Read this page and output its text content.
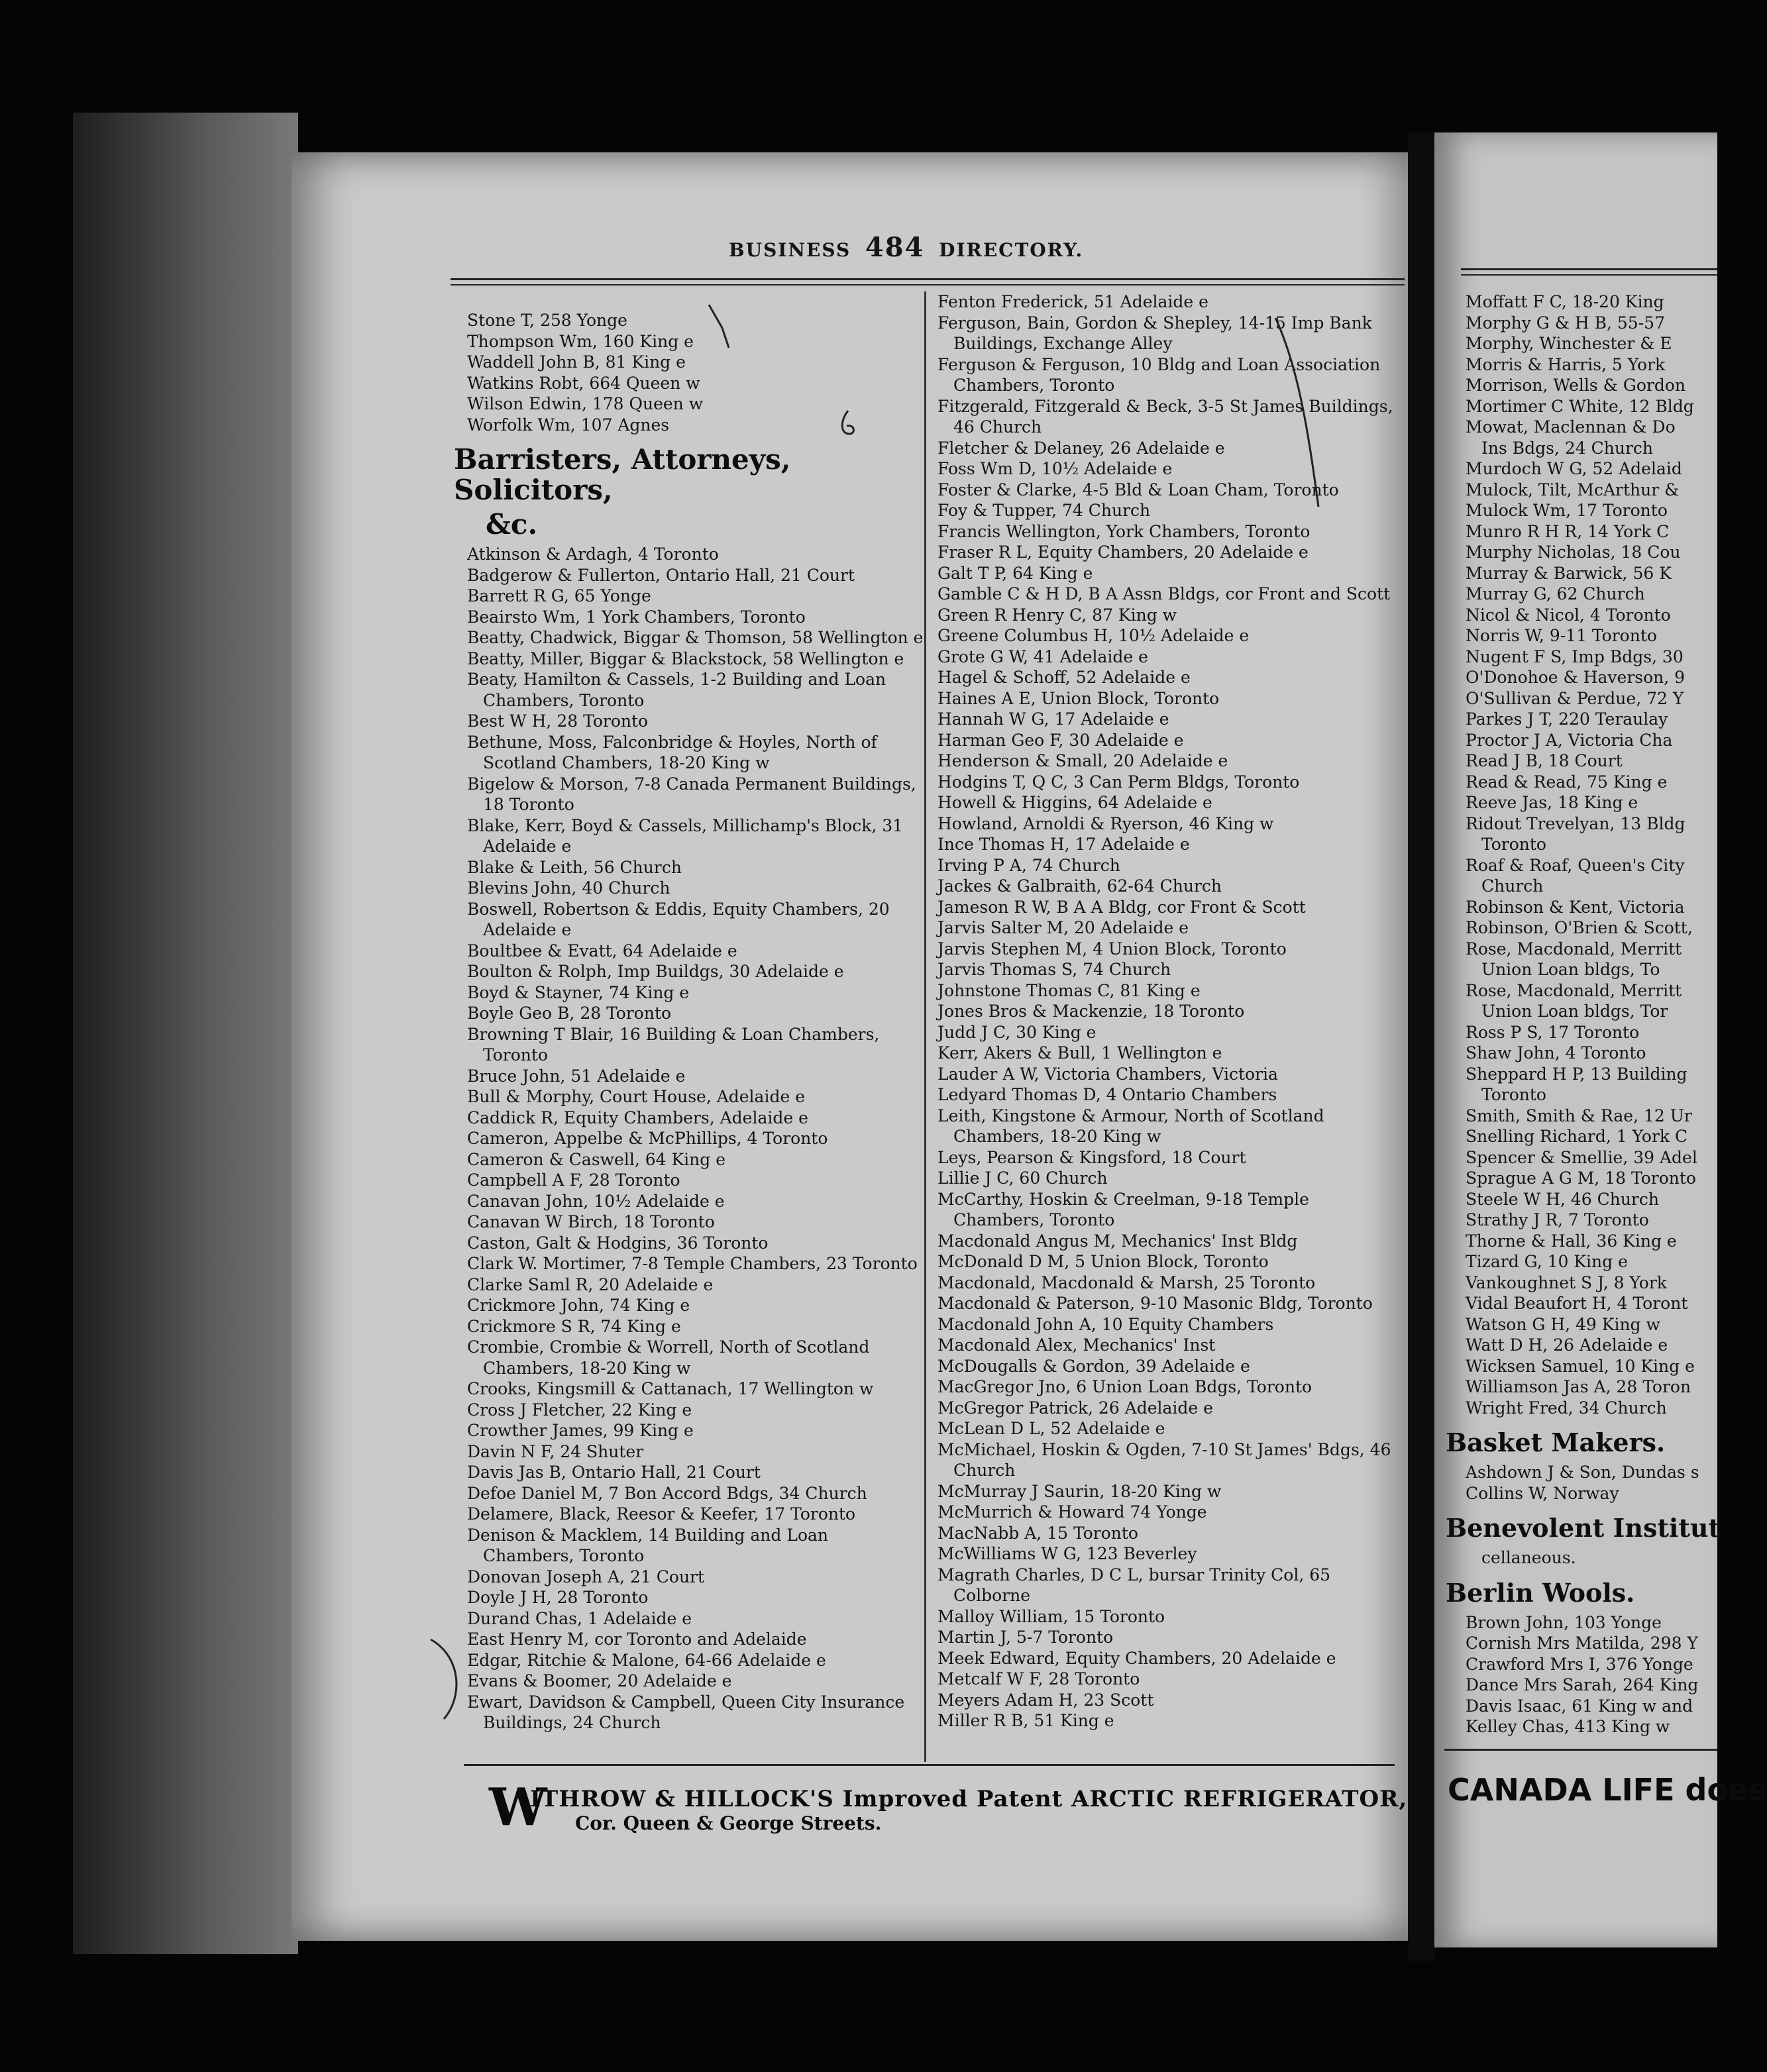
BUSINESS 484 DIRECTORY.
Stone T, 258 Yonge
Thompson Wm, 160 King e
Waddell John B, 81 King e
Watkins Robt, 664 Queen w
Wilson Edwin, 178 Queen w
Worfolk Wm, 107 Agnes
Barristers, Attorneys, Solicitors,
&c.
Atkinson & Ardagh, 4 Toronto
Badgerow & Fullerton, Ontario Hall, 21 Court
Barrett R G, 65 Yonge
Beairsto Wm, 1 York Chambers, Toronto
Beatty, Chadwick, Biggar & Thomson, 58 Wellington e
Beatty, Miller, Biggar & Blackstock, 58 Wellington e
Beaty, Hamilton & Cassels, 1-2 Building and Loan Chambers, Toronto
Best W H, 28 Toronto
Bethune, Moss, Falconbridge & Hoyles, North of Scotland Chambers, 18-20 King w
Bigelow & Morson, 7-8 Canada Permanent Buildings, 18 Toronto
Blake, Kerr, Boyd & Cassels, Millichamp's Block, 31 Adelaide e
Blake & Leith, 56 Church
Blevins John, 40 Church
Boswell, Robertson & Eddis, Equity Chambers, 20 Adelaide e
Boultbee & Evatt, 64 Adelaide e
Boulton & Rolph, Imp Buildgs, 30 Adelaide e
Boyd & Stayner, 74 King e
Boyle Geo B, 28 Toronto
Browning T Blair, 16 Building & Loan Chambers, Toronto
Bruce John, 51 Adelaide e
Bull & Morphy, Court House, Adelaide e
Caddick R, Equity Chambers, Adelaide e
Cameron, Appelbe & McPhillips, 4 Toronto
Cameron & Caswell, 64 King e
Campbell A F, 28 Toronto
Canavan John, 10½ Adelaide e
Canavan W Birch, 18 Toronto
Caston, Galt & Hodgins, 36 Toronto
Clark W. Mortimer, 7-8 Temple Chambers, 23 Toronto
Clarke Saml R, 20 Adelaide e
Crickmore John, 74 King e
Crickmore S R, 74 King e
Crombie, Crombie & Worrell, North of Scotland Chambers, 18-20 King w
Crooks, Kingsmill & Cattanach, 17 Wellington w
Cross J Fletcher, 22 King e
Crowther James, 99 King e
Davin N F, 24 Shuter
Davis Jas B, Ontario Hall, 21 Court
Defoe Daniel M, 7 Bon Accord Bdgs, 34 Church
Delamere, Black, Reesor & Keefer, 17 Toronto
Denison & Macklem, 14 Building and Loan Chambers, Toronto
Donovan Joseph A, 21 Court
Doyle J H, 28 Toronto
Durand Chas, 1 Adelaide e
East Henry M, cor Toronto and Adelaide
Edgar, Ritchie & Malone, 64-66 Adelaide e
Evans & Boomer, 20 Adelaide e
Ewart, Davidson & Campbell, Queen City Insurance Buildings, 24 Church
Fenton Frederick, 51 Adelaide e
Ferguson, Bain, Gordon & Shepley, 14-15 Imp Bank Buildings, Exchange Alley
Ferguson & Ferguson, 10 Bldg and Loan Association Chambers, Toronto
Fitzgerald, Fitzgerald & Beck, 3-5 St James Buildings, 46 Church
Fletcher & Delaney, 26 Adelaide e
Foss Wm D, 10½ Adelaide e
Foster & Clarke, 4-5 Bld & Loan Cham, Toronto
Foy & Tupper, 74 Church
Francis Wellington, York Chambers, Toronto
Fraser R L, Equity Chambers, 20 Adelaide e
Galt T P, 64 King e
Gamble C & H D, B A Assn Bldgs, cor Front and Scott
Green R Henry C, 87 King w
Greene Columbus H, 10½ Adelaide e
Grote G W, 41 Adelaide e
Hagel & Schoff, 52 Adelaide e
Haines A E, Union Block, Toronto
Hannah W G, 17 Adelaide e
Harman Geo F, 30 Adelaide e
Henderson & Small, 20 Adelaide e
Hodgins T, Q C, 3 Can Perm Bldgs, Toronto
Howell & Higgins, 64 Adelaide e
Howland, Arnoldi & Ryerson, 46 King w
Ince Thomas H, 17 Adelaide e
Irving P A, 74 Church
Jackes & Galbraith, 62-64 Church
Jameson R W, B A A Bldg, cor Front & Scott
Jarvis Salter M, 20 Adelaide e
Jarvis Stephen M, 4 Union Block, Toronto
Jarvis Thomas S, 74 Church
Johnstone Thomas C, 81 King e
Jones Bros & Mackenzie, 18 Toronto
Judd J C, 30 King e
Kerr, Akers & Bull, 1 Wellington e
Lauder A W, Victoria Chambers, Victoria
Ledyard Thomas D, 4 Ontario Chambers
Leith, Kingstone & Armour, North of Scotland Chambers, 18-20 King w
Leys, Pearson & Kingsford, 18 Court
Lillie J C, 60 Church
McCarthy, Hoskin & Creelman, 9-18 Temple Chambers, Toronto
Macdonald Angus M, Mechanics' Inst Bldg
McDonald D M, 5 Union Block, Toronto
Macdonald, Macdonald & Marsh, 25 Toronto
Macdonald & Paterson, 9-10 Masonic Bldg, Toronto
Macdonald John A, 10 Equity Chambers
Macdonald Alex, Mechanics' Inst
McDougalls & Gordon, 39 Adelaide e
MacGregor Jno, 6 Union Loan Bdgs, Toronto
McGregor Patrick, 26 Adelaide e
McLean D L, 52 Adelaide e
McMichael, Hoskin & Ogden, 7-10 St James' Bdgs, 46 Church
McMurray J Saurin, 18-20 King w
McMurrich & Howard 74 Yonge
MacNabb A, 15 Toronto
McWilliams W G, 123 Beverley
Magrath Charles, D C L, bursar Trinity Col, 65 Colborne
Malloy William, 15 Toronto
Martin J, 5-7 Toronto
Meek Edward, Equity Chambers, 20 Adelaide e
Metcalf W F, 28 Toronto
Meyers Adam H, 23 Scott
Miller R B, 51 King e
Moffatt F C, 18-20 King
Morphy G & H B, 55-57
Morphy, Winchester & E
Morris & Harris, 5 York
Morrison, Wells & Gordon
Mortimer C White, 12 Bldg
Mowat, Maclennan & Do
Ins Bdgs, 24 Church
Murdoch W G, 52 Adelaid
Mulock, Tilt, McArthur &
Mulock Wm, 17 Toronto
Munro R H R, 14 York C
Murphy Nicholas, 18 Cou
Murray & Barwick, 56 K
Murray G, 62 Church
Nicol & Nicol, 4 Toronto
Norris W, 9-11 Toronto
Nugent F S, Imp Bdgs, 30
O'Donohoe & Haverson, 9
O'Sullivan & Perdue, 72 Y
Parkes J T, 220 Teraulay
Proctor J A, Victoria Cha
Read J B, 18 Court
Read & Read, 75 King e
Reeve Jas, 18 King e
Ridout Trevelyan, 13 Bldg
Toronto
Roaf & Roaf, Queen's City
Church
Robinson & Kent, Victoria
Robinson, O'Brien & Scott,
Rose, Macdonald, Merritt
Union Loan bldgs, To
Rose, Macdonald, Merritt
Union Loan bldgs, Tor
Ross P S, 17 Toronto
Shaw John, 4 Toronto
Sheppard H P, 13 Building
Toronto
Smith, Smith & Rae, 12 Ur
Snelling Richard, 1 York C
Spencer & Smellie, 39 Adel
Sprague A G M, 18 Toronto
Steele W H, 46 Church
Strathy J R, 7 Toronto
Thorne & Hall, 36 King e
Tizard G, 10 King e
Vankoughnet S J, 8 York
Vidal Beaufort H, 4 Toront
Watson G H, 49 King w
Watt D H, 26 Adelaide e
Wicksen Samuel, 10 King e
Williamson Jas A, 28 Toron
Wright Fred, 34 Church
Basket Makers.
Ashdown J & Son, Dundas s
Collins W, Norway
Benevolent Institut
cellaneous.
Berlin Wools.
Brown John, 103 Yonge
Cornish Mrs Matilda, 298 Y
Crawford Mrs I, 376 Yonge
Dance Mrs Sarah, 264 King
Davis Isaac, 61 King w and
Kelley Chas, 413 King w
W
ITHROW & HILLOCK'S Improved Patent ARCTIC REFRIGERATOR,
Cor. Queen & George Streets.
CANADA LIFE does
